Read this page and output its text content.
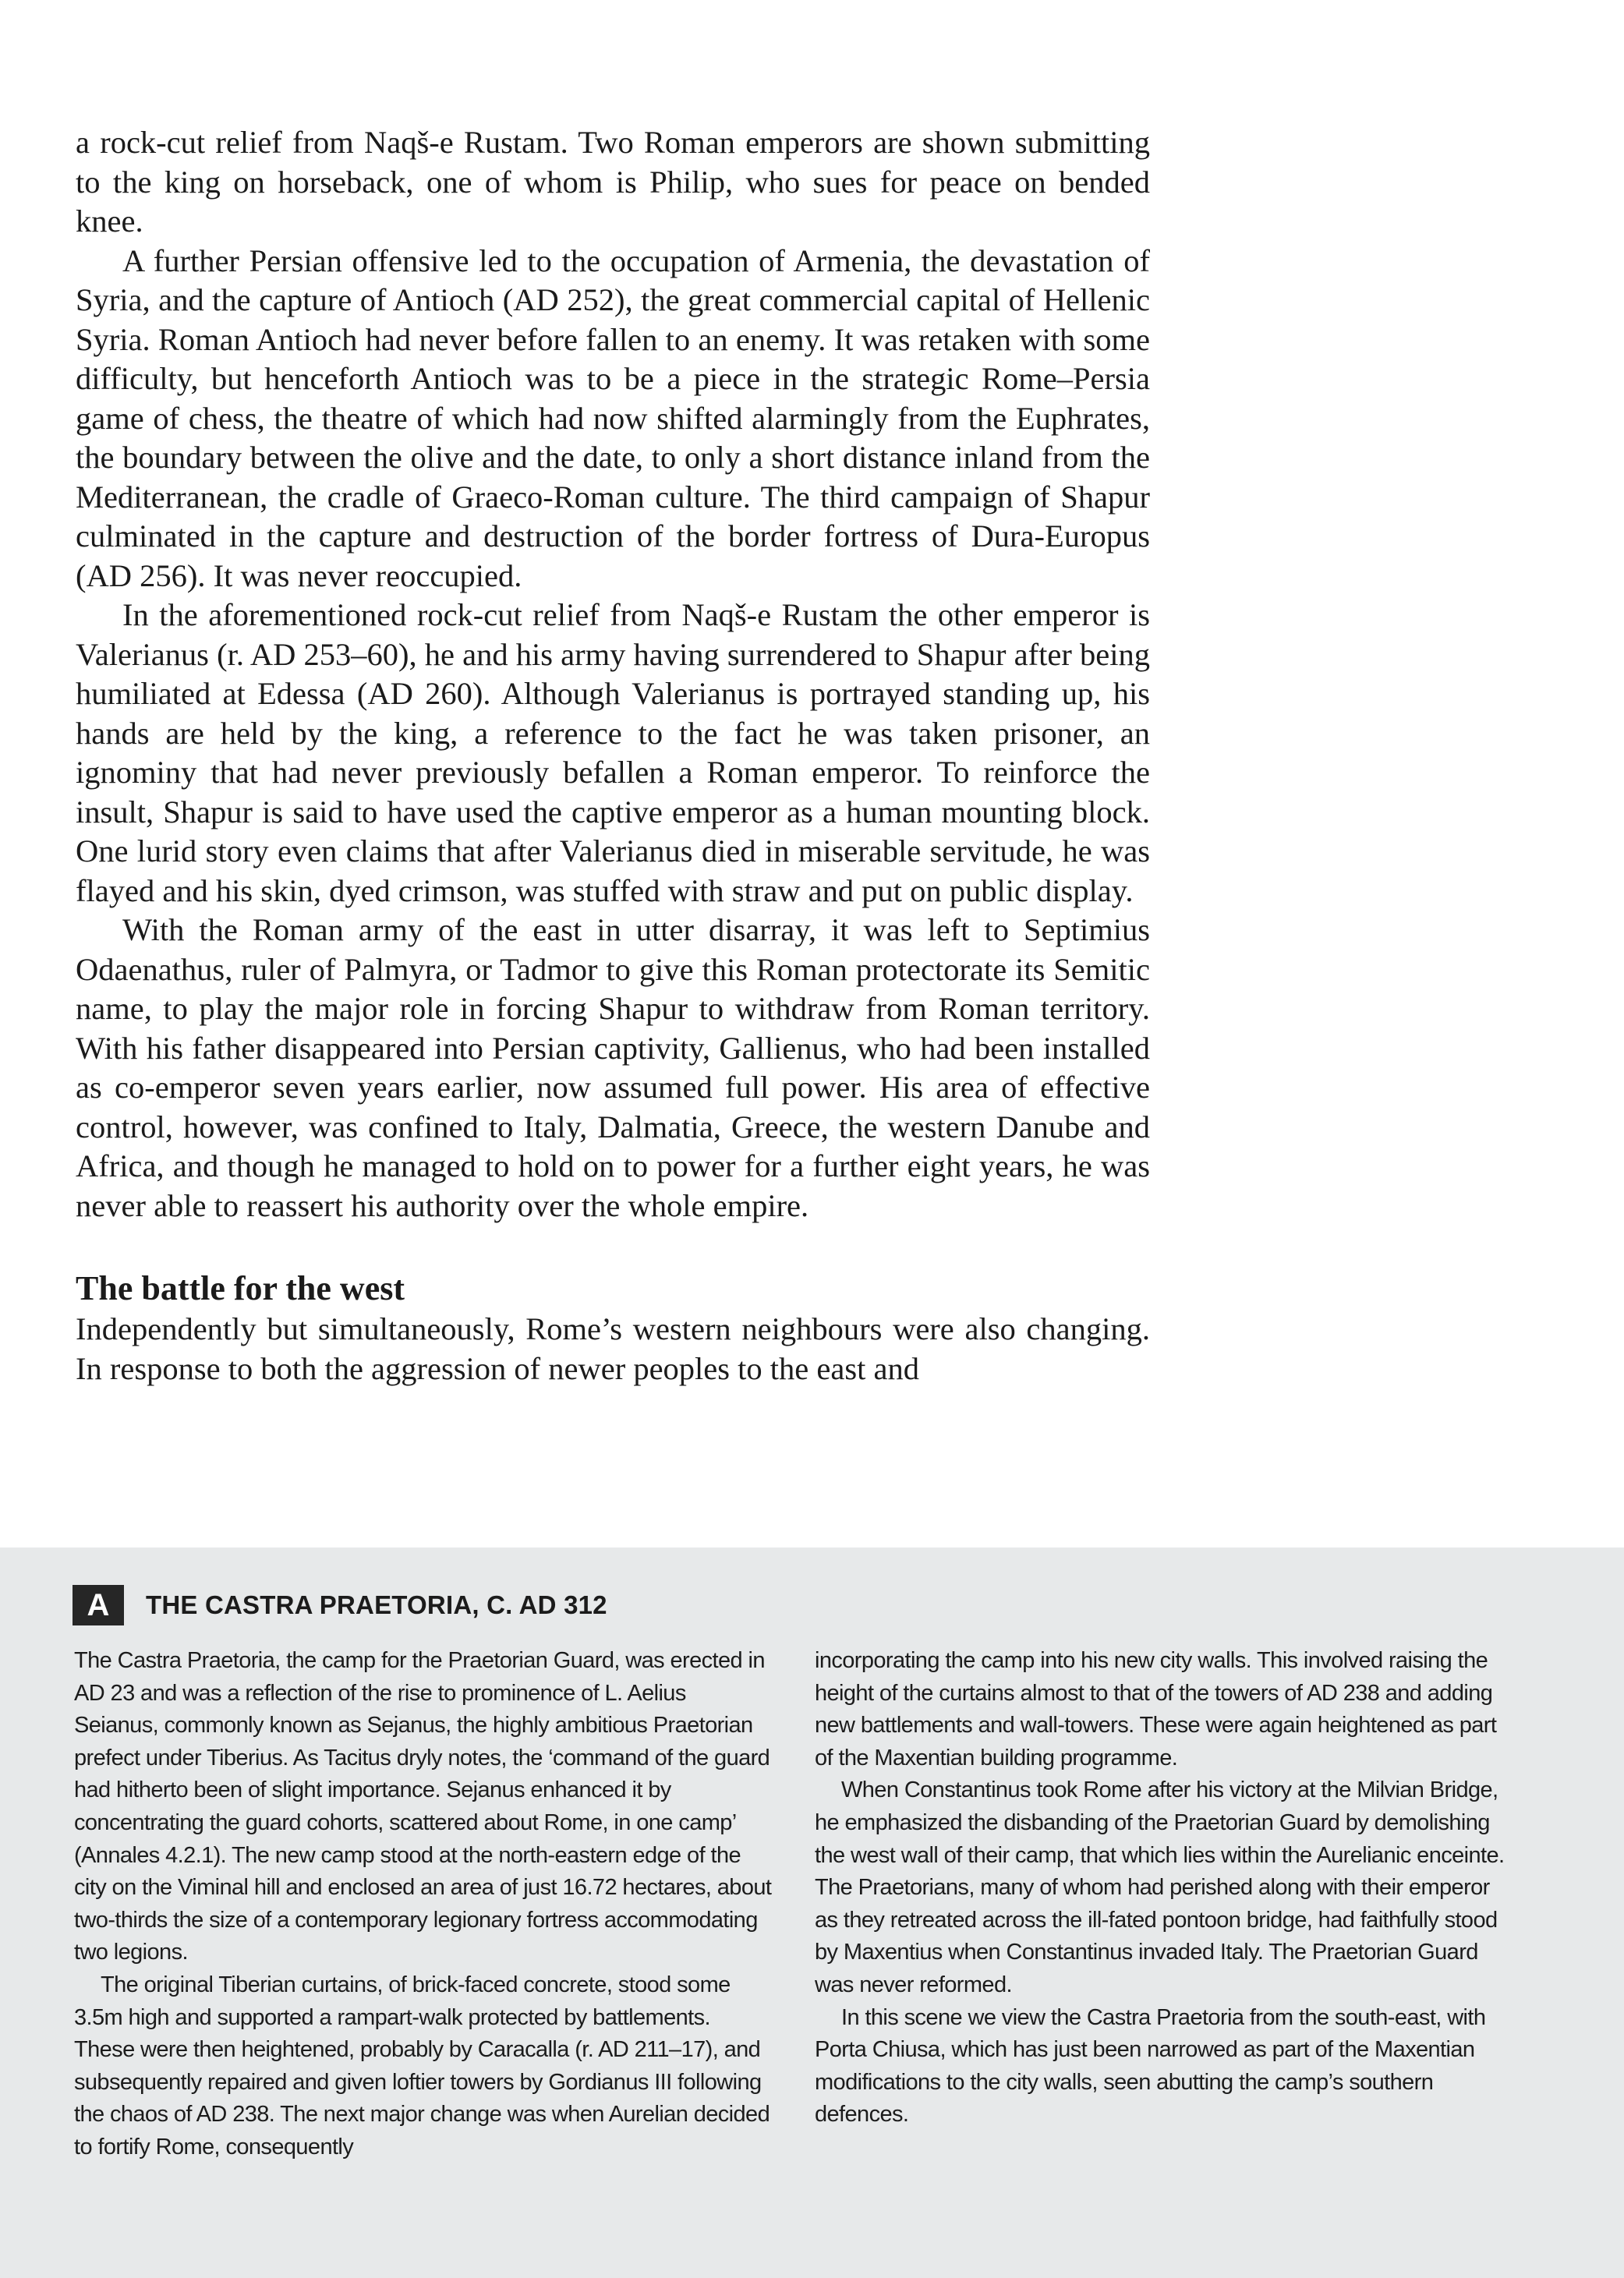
a rock-cut relief from Naqš-e Rustam. Two Roman emperors are shown submitting to the king on horseback, one of whom is Philip, who sues for peace on bended knee.

A further Persian offensive led to the occupation of Armenia, the devastation of Syria, and the capture of Antioch (AD 252), the great commercial capital of Hellenic Syria. Roman Antioch had never before fallen to an enemy. It was retaken with some difficulty, but henceforth Antioch was to be a piece in the strategic Rome–Persia game of chess, the theatre of which had now shifted alarmingly from the Euphrates, the boundary between the olive and the date, to only a short distance inland from the Mediterranean, the cradle of Graeco-Roman culture. The third campaign of Shapur culminated in the capture and destruction of the border fortress of Dura-Europus (AD 256). It was never reoccupied.

In the aforementioned rock-cut relief from Naqš-e Rustam the other emperor is Valerianus (r. AD 253–60), he and his army having surrendered to Shapur after being humiliated at Edessa (AD 260). Although Valerianus is portrayed standing up, his hands are held by the king, a reference to the fact he was taken prisoner, an ignominy that had never previously befallen a Roman emperor. To reinforce the insult, Shapur is said to have used the captive emperor as a human mounting block. One lurid story even claims that after Valerianus died in miserable servitude, he was flayed and his skin, dyed crimson, was stuffed with straw and put on public display.

With the Roman army of the east in utter disarray, it was left to Septimius Odaenathus, ruler of Palmyra, or Tadmor to give this Roman protectorate its Semitic name, to play the major role in forcing Shapur to withdraw from Roman territory. With his father disappeared into Persian captivity, Gallienus, who had been installed as co-emperor seven years earlier, now assumed full power. His area of effective control, however, was confined to Italy, Dalmatia, Greece, the western Danube and Africa, and though he managed to hold on to power for a further eight years, he was never able to reassert his authority over the whole empire.

The battle for the west

Independently but simultaneously, Rome’s western neighbours were also changing. In response to both the aggression of newer peoples to the east and

A	THE CASTRA PRAETORIA, C. AD 312

The Castra Praetoria, the camp for the Praetorian Guard, was erected in AD 23 and was a reflection of the rise to prominence of L. Aelius Seianus, commonly known as Sejanus, the highly ambitious Praetorian prefect under Tiberius. As Tacitus dryly notes, the ‘command of the guard had hitherto been of slight importance. Sejanus enhanced it by concentrating the guard cohorts, scattered about Rome, in one camp’ (Annales 4.2.1). The new camp stood at the north-eastern edge of the city on the Viminal hill and enclosed an area of just 16.72 hectares, about two-thirds the size of a contemporary legionary fortress accommodating two legions.

The original Tiberian curtains, of brick-faced concrete, stood some 3.5m high and supported a rampart-walk protected by battlements. These were then heightened, probably by Caracalla (r. AD 211–17), and subsequently repaired and given loftier towers by Gordianus III following the chaos of AD 238. The next major change was when Aurelian decided to fortify Rome, consequently

incorporating the camp into his new city walls. This involved raising the height of the curtains almost to that of the towers of AD 238 and adding new battlements and wall-towers. These were again heightened as part of the Maxentian building programme.

When Constantinus took Rome after his victory at the Milvian Bridge, he emphasized the disbanding of the Praetorian Guard by demolishing the west wall of their camp, that which lies within the Aurelianic enceinte. The Praetorians, many of whom had perished along with their emperor as they retreated across the ill-fated pontoon bridge, had faithfully stood by Maxentius when Constantinus invaded Italy. The Praetorian Guard was never reformed.

In this scene we view the Castra Praetoria from the south-east, with Porta Chiusa, which has just been narrowed as part of the Maxentian modifications to the city walls, seen abutting the camp’s southern defences.
